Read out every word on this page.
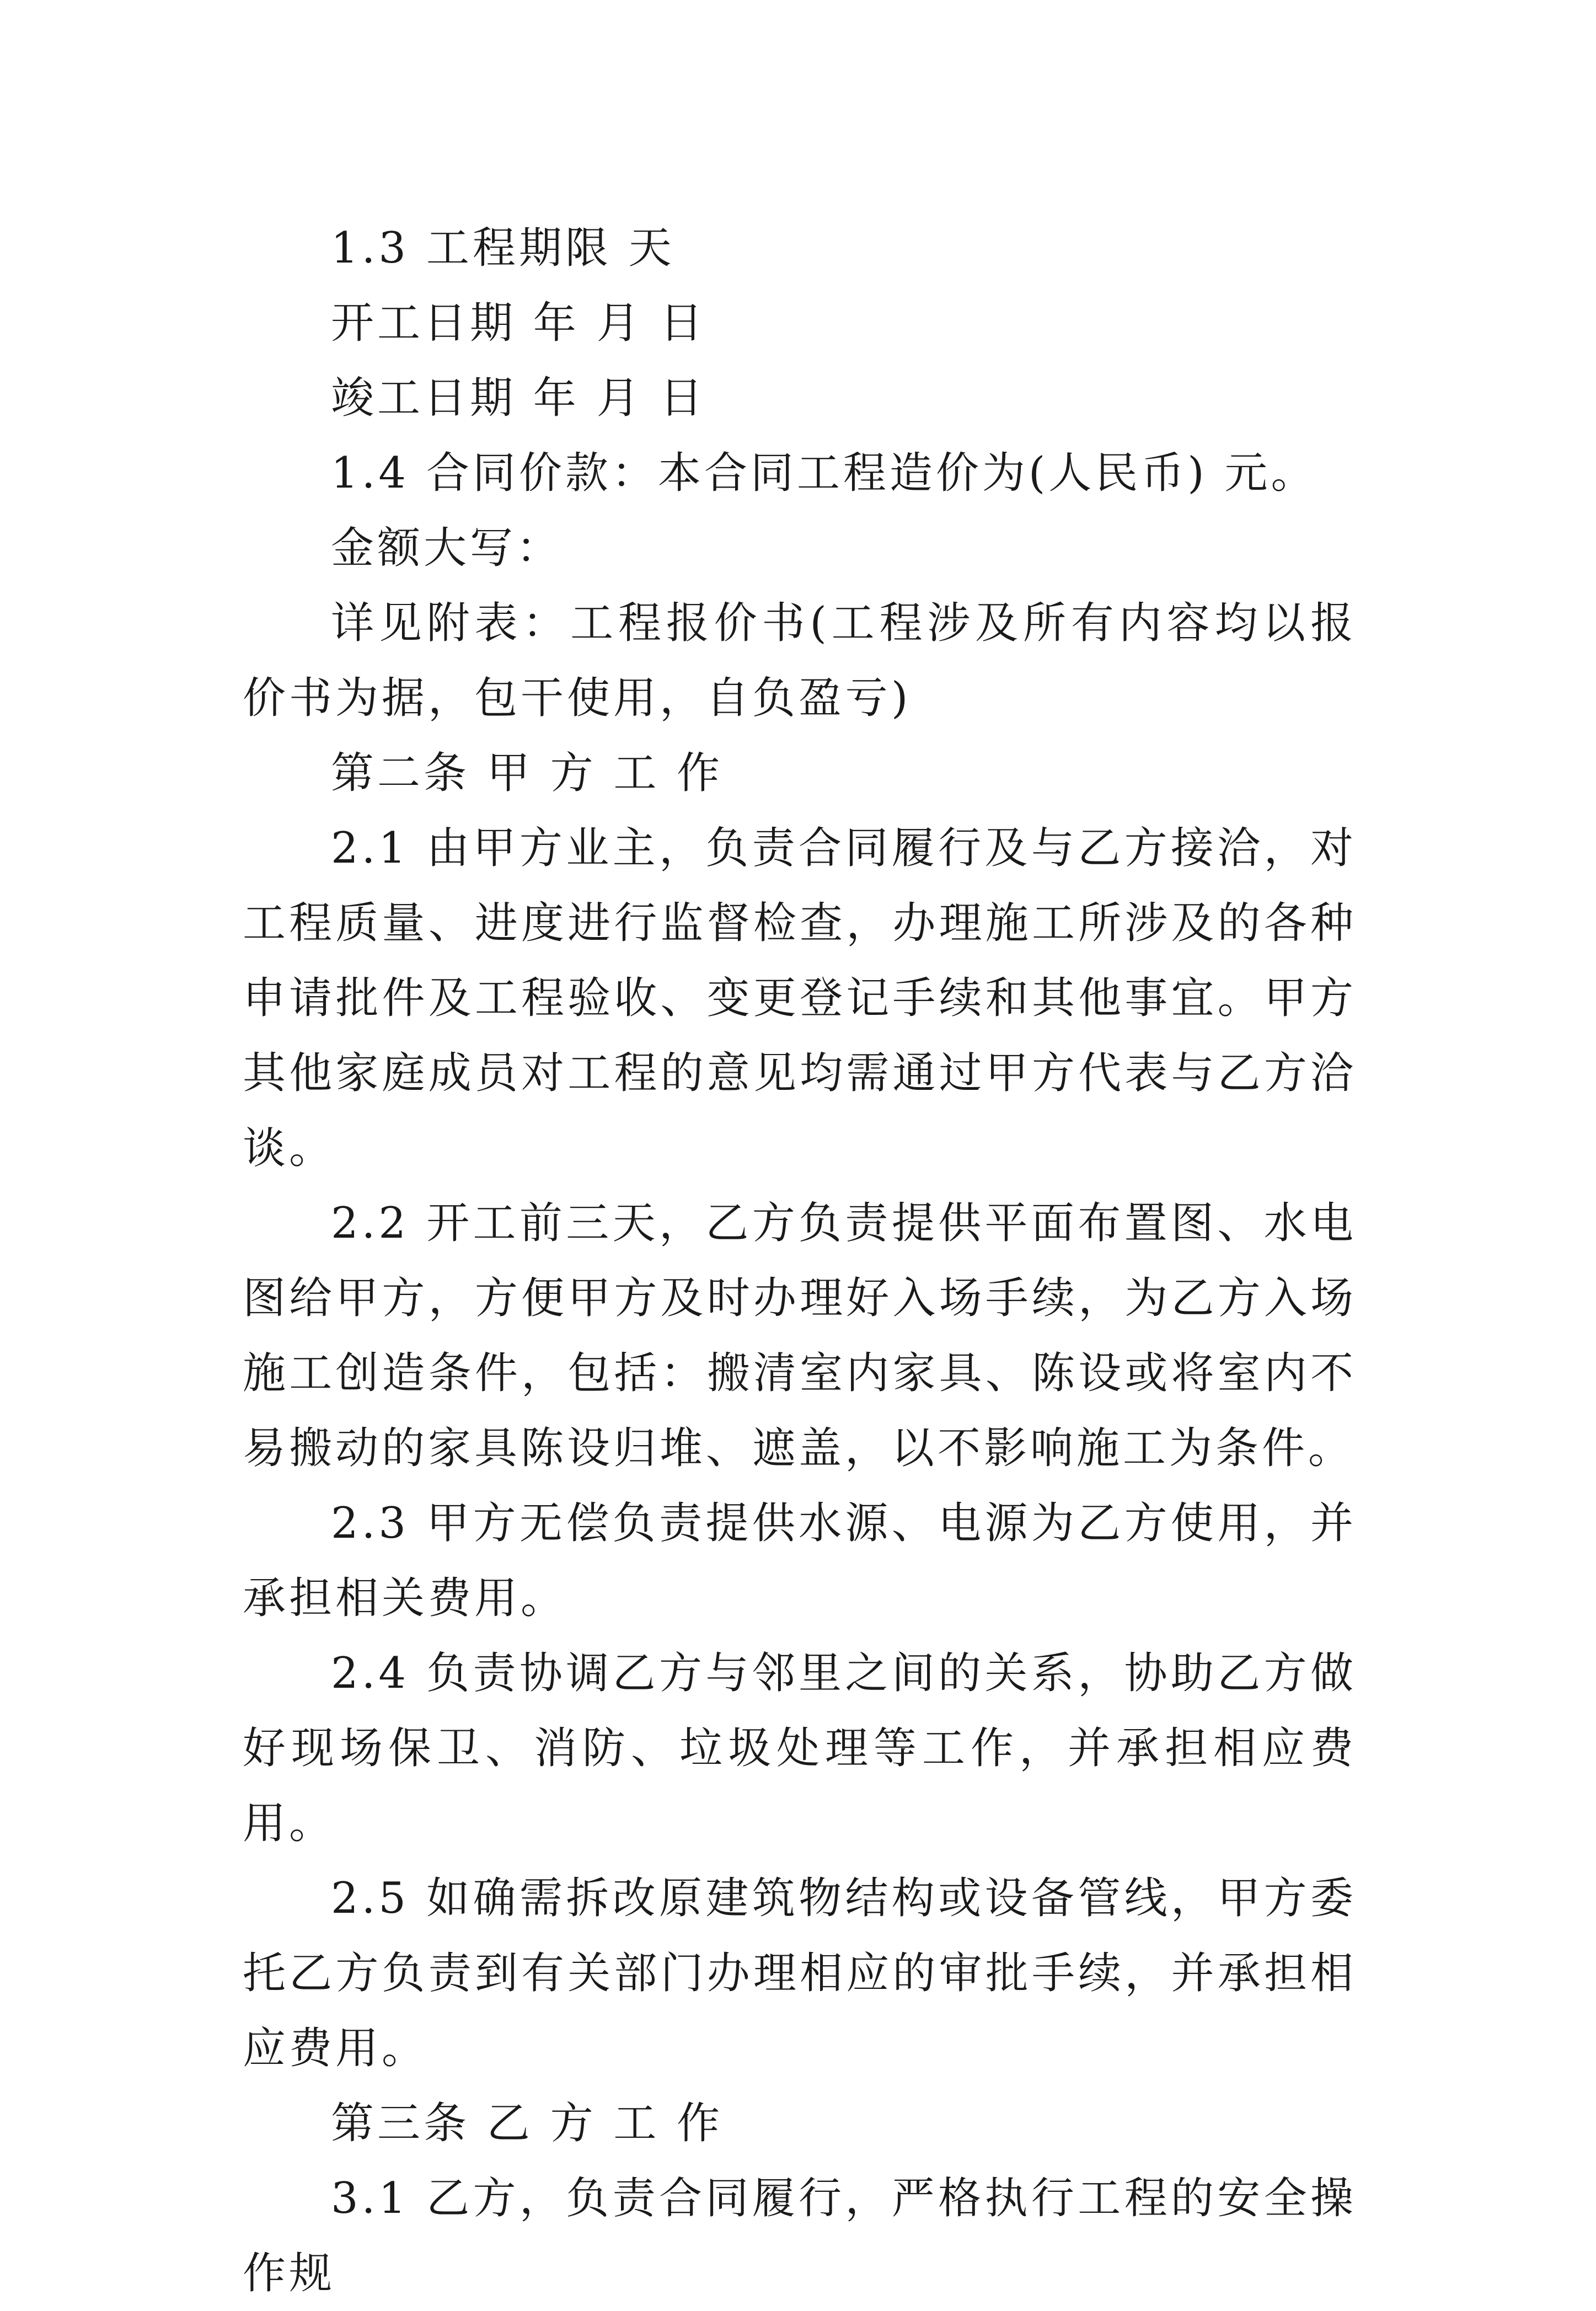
1.3 工程期限 天

开工日期 年 月 日

竣工日期 年 月 日

1.4 合同价款：本合同工程造价为(人民币) 元。

金额大写：

详见附表：工程报价书(工程涉及所有内容均以报价书为据，包干使用，自负盈亏)

第二条 甲 方 工 作

2.1 由甲方业主，负责合同履行及与乙方接洽，对工程质量、进度进行监督检查，办理施工所涉及的各种申请批件及工程验收、变更登记手续和其他事宜。甲方其他家庭成员对工程的意见均需通过甲方代表与乙方洽谈。

2.2 开工前三天，乙方负责提供平面布置图、水电图给甲方，方便甲方及时办理好入场手续，为乙方入场施工创造条件，包括：搬清室内家具、陈设或将室内不易搬动的家具陈设归堆、遮盖，以不影响施工为条件。

2.3 甲方无偿负责提供水源、电源为乙方使用，并承担相关费用。

2.4 负责协调乙方与邻里之间的关系，协助乙方做好现场保卫、消防、垃圾处理等工作，并承担相应费用。

2.5 如确需拆改原建筑物结构或设备管线，甲方委托乙方负责到有关部门办理相应的审批手续，并承担相应费用。

第三条 乙 方 工 作

3.1 乙方，负责合同履行，严格执行工程的安全操作规
